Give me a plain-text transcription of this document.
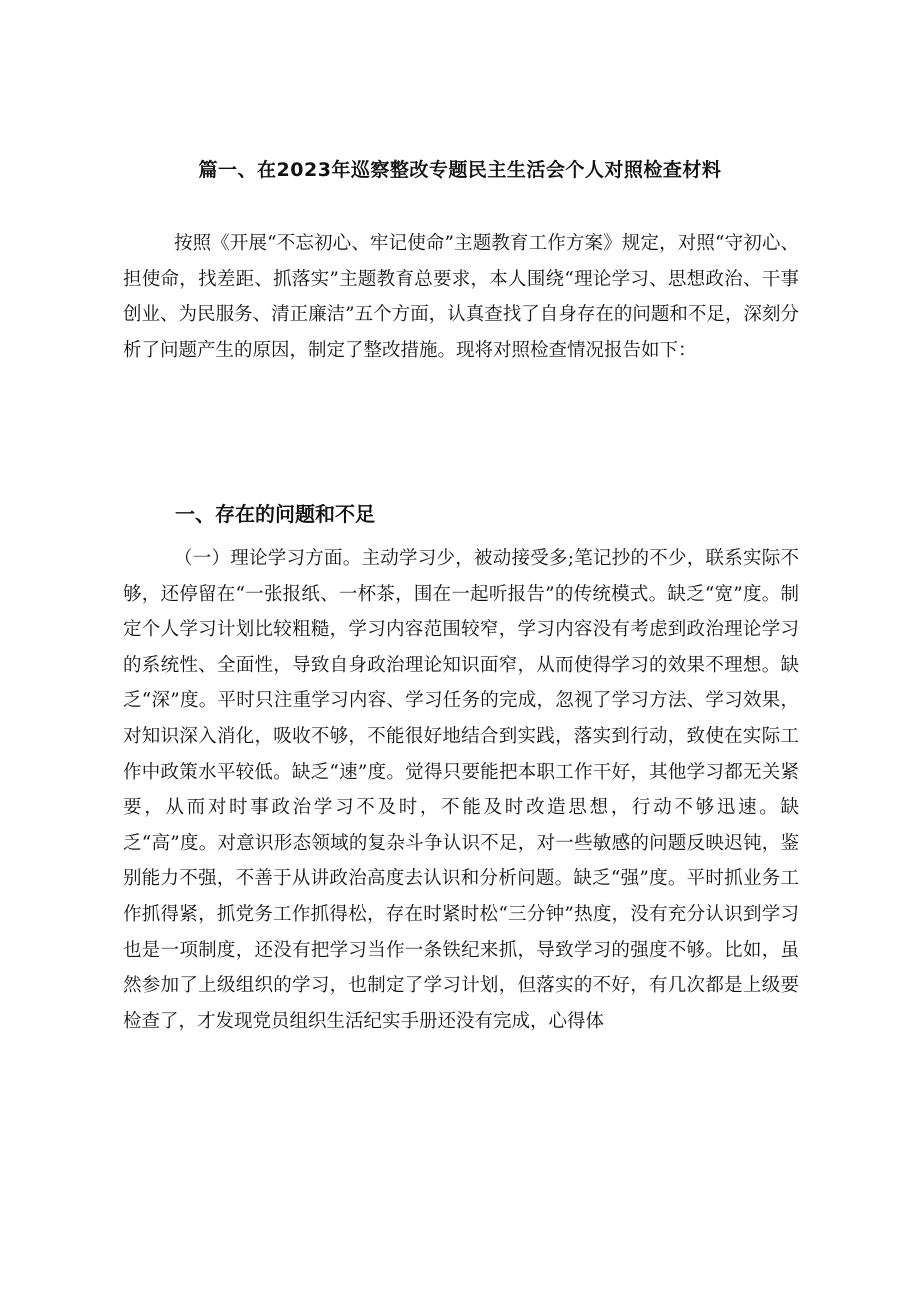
篇一、在2023年巡察整改专题民主生活会个人对照检查材料

按照《开展“不忘初心、牢记使命”主题教育工作方案》规定，对照“守初心、担使命，找差距、抓落实”主题教育总要求，本人围绕“理论学习、思想政治、干事创业、为民服务、清正廉洁”五个方面，认真查找了自身存在的问题和不足，深刻分析了问题产生的原因，制定了整改措施。现将对照检查情况报告如下：

一、存在的问题和不足

（一）理论学习方面。主动学习少，被动接受多;笔记抄的不少，联系实际不够，还停留在“一张报纸、一杯茶，围在一起听报告”的传统模式。缺乏“宽”度。制定个人学习计划比较粗糙，学习内容范围较窄，学习内容没有考虑到政治理论学习的系统性、全面性，导致自身政治理论知识面窄，从而使得学习的效果不理想。缺乏“深”度。平时只注重学习内容、学习任务的完成，忽视了学习方法、学习效果，对知识深入消化，吸收不够，不能很好地结合到实践，落实到行动，致使在实际工作中政策水平较低。缺乏“速”度。觉得只要能把本职工作干好，其他学习都无关紧要，从而对时事政治学习不及时，不能及时改造思想，行动不够迅速。缺乏“高”度。对意识形态领域的复杂斗争认识不足，对一些敏感的问题反映迟钝，鉴别能力不强，不善于从讲政治高度去认识和分析问题。缺乏“强”度。平时抓业务工作抓得紧，抓党务工作抓得松，存在时紧时松“三分钟”热度，没有充分认识到学习也是一项制度，还没有把学习当作一条铁纪来抓，导致学习的强度不够。比如，虽然参加了上级组织的学习，也制定了学习计划，但落实的不好，有几次都是上级要检查了，才发现党员组织生活纪实手册还没有完成，心得体
